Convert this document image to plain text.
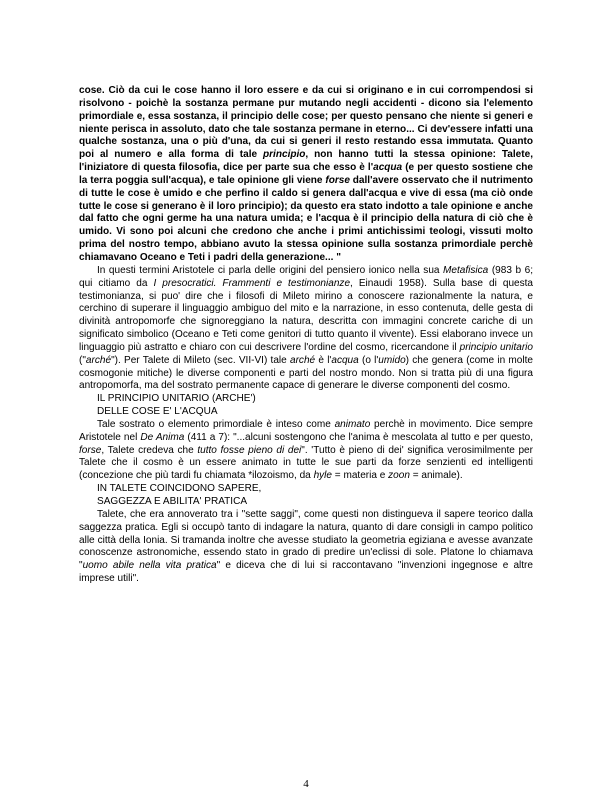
cose. Ciò da cui le cose hanno il loro essere e da cui si originano e in cui corrompendosi si risolvono - poichè la sostanza permane pur mutando negli accidenti - dicono sia l'elemento primordiale e, essa sostanza, il principio delle cose; per questo pensano che niente si generi e niente perisca in assoluto, dato che tale sostanza permane in eterno... Ci dev'essere infatti una qualche sostanza, una o più d'una, da cui si generi il resto restando essa immutata. Quanto poi al numero e alla forma di tale principio, non hanno tutti la stessa opinione: Talete, l'iniziatore di questa filosofia, dice per parte sua che esso è l'acqua (e per questo sostiene che la terra poggia sull'acqua), e tale opinione gli viene forse dall'avere osservato che il nutrimento di tutte le cose è umido e che perfino il caldo si genera dall'acqua e vive di essa (ma ciò onde tutte le cose si generano è il loro principio); da questo era stato indotto a tale opinione e anche dal fatto che ogni germe ha una natura umida; e l'acqua è il principio della natura di ciò che è umido. Vi sono poi alcuni che credono che anche i primi antichissimi teologi, vissuti molto prima del nostro tempo, abbiano avuto la stessa opinione sulla sostanza primordiale perchè chiamavano Oceano e Teti i padri della generazione... "

In questi termini Aristotele ci parla delle origini del pensiero ionico nella sua Metafisica (983 b 6; qui citiamo da I presocratici. Frammenti e testimonianze, Einaudi 1958). Sulla base di questa testimonianza, si puo' dire che i filosofi di Mileto mirino a conoscere razionalmente la natura, e cerchino di superare il linguaggio ambiguo del mito e la narrazione, in esso contenuta, delle gesta di divinità antropomorfe che signoreggiano la natura, descritta con immagini concrete cariche di un significato simbolico (Oceano e Teti come genitori di tutto quanto il vivente). Essi elaborano invece un linguaggio più astratto e chiaro con cui descrivere l'ordine del cosmo, ricercandone il principio unitario ("arché"). Per Talete di Mileto (sec. VII-VI) tale arché è l'acqua (o l'umido) che genera (come in molte cosmogonie mitiche) le diverse componenti e parti del nostro mondo. Non si tratta più di una figura antropomorfa, ma del sostrato permanente capace di generare le diverse componenti del cosmo.

IL PRINCIPIO UNITARIO (ARCHE')
DELLE COSE E' L'ACQUA

Tale sostrato o elemento primordiale è inteso come animato perchè in movimento. Dice sempre Aristotele nel De Anima (411 a 7): "...alcuni sostengono che l'anima è mescolata al tutto e per questo, forse, Talete credeva che tutto fosse pieno di dei". 'Tutto è pieno di dei' significa verosimilmente per Talete che il cosmo è un essere animato in tutte le sue parti da forze senzienti ed intelligenti (concezione che più tardi fu chiamata *ilozoismo, da hyle = materia e zoon = animale).

IN TALETE COINCIDONO SAPERE,
SAGGEZZA E ABILITA' PRATICA

Talete, che era annoverato tra i "sette saggi", come questi non distingueva il sapere teorico dalla saggezza pratica. Egli si occupò tanto di indagare la natura, quanto di dare consigli in campo politico alle città della Ionia. Si tramanda inoltre che avesse studiato la geometria egiziana e avesse avanzate conoscenze astronomiche, essendo stato in grado di predire un'eclissi di sole. Platone lo chiamava "uomo abile nella vita pratica" e diceva che di lui si raccontavano "invenzioni ingegnose e altre imprese utili".

4
